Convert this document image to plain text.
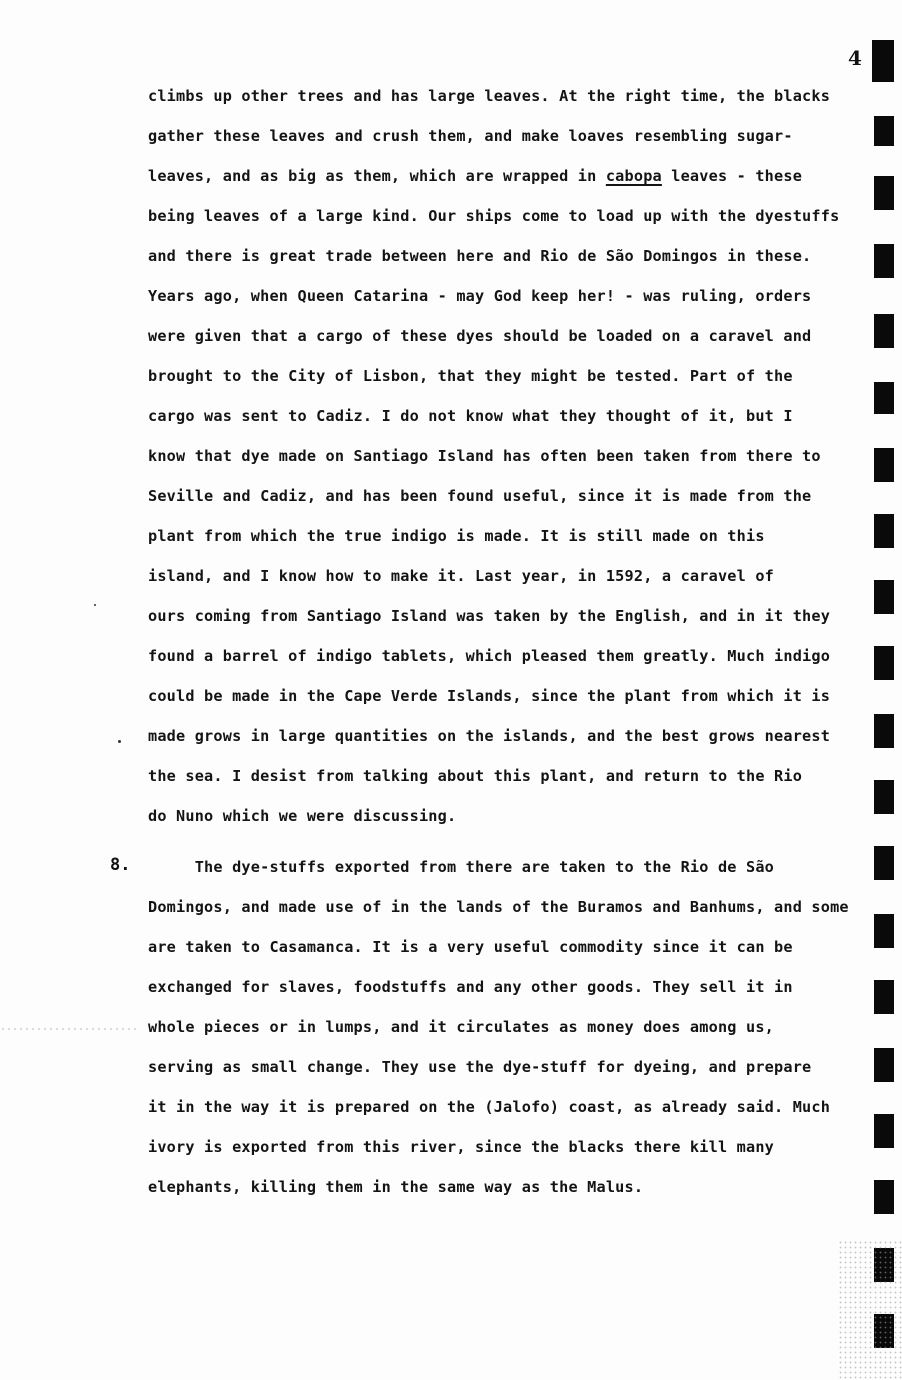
4
climbs up other trees and has large leaves. At the right time, the blacks
gather these leaves and crush them, and make loaves resembling sugar-
leaves, and as big as them, which are wrapped in cabopa leaves - these
being leaves of a large kind. Our ships come to load up with the dyestuffs
and there is great trade between here and Rio de São Domingos in these.
Years ago, when Queen Catarina - may God keep her! - was ruling, orders
were given that a cargo of these dyes should be loaded on a caravel and
brought to the City of Lisbon, that they might be tested. Part of the
cargo was sent to Cadiz. I do not know what they thought of it, but I
know that dye made on Santiago Island has often been taken from there to
Seville and Cadiz, and has been found useful, since it is made from the
plant from which the true indigo is made. It is still made on this
island, and I know how to make it. Last year, in 1592, a caravel of
ours coming from Santiago Island was taken by the English, and in it they
found a barrel of indigo tablets, which pleased them greatly. Much indigo
could be made in the Cape Verde Islands, since the plant from which it is
made grows in large quantities on the islands, and the best grows nearest
the sea. I desist from talking about this plant, and return to the Rio
do Nuno which we were discussing.
8. The dye-stuffs exported from there are taken to the Rio de São
Domingos, and made use of in the lands of the Buramos and Banhums, and some
are taken to Casamanca. It is a very useful commodity since it can be
exchanged for slaves, foodstuffs and any other goods. They sell it in
whole pieces or in lumps, and it circulates as money does among us,
serving as small change. They use the dye-stuff for dyeing, and prepare
it in the way it is prepared on the (Jalofo) coast, as already said. Much
ivory is exported from this river, since the blacks there kill many
elephants, killing them in the same way as the Malus.
